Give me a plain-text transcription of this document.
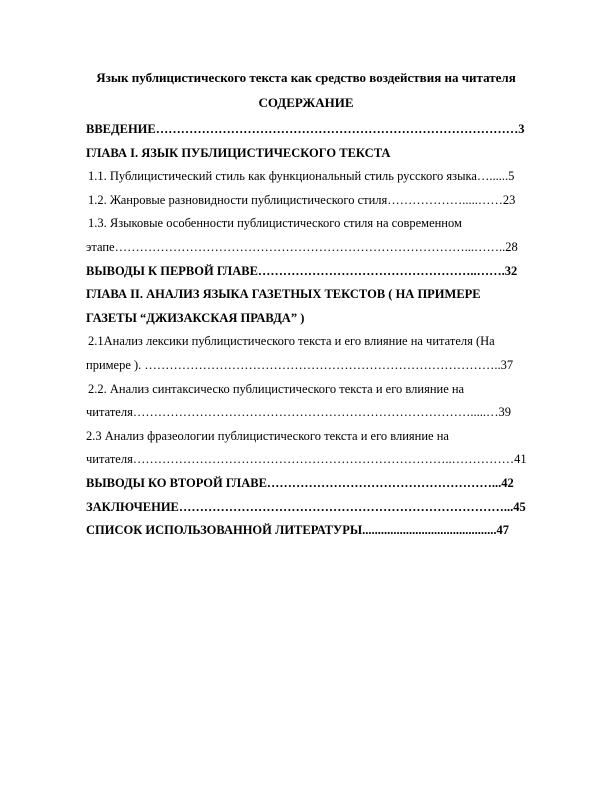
Язык публицистического текста как средство воздействия на читателя
СОДЕРЖАНИЕ
ВВЕДЕНИЕ……………………………………………………………………………3
ГЛАВА I. ЯЗЫК ПУБЛИЦИСТИЧЕСКОГО ТЕКСТА
1.1. Публицистический стиль как функциональный стиль русского языка…......5
1.2. Жанровые разновидности публицистического стиля……………….....……23
1.3. Языковые особенности публицистического стиля на современном
этапе…………………………………………………………………………...……..28
ВЫВОДЫ К ПЕРВОЙ ГЛАВЕ……………………………………………..…….32
ГЛАВА II. АНАЛИЗ ЯЗЫКА ГАЗЕТНЫХ ТЕКСТОВ ( НА ПРИМЕРЕ
ГАЗЕТЫ “ДЖИЗАКСКАЯ ПРАВДА” )
2.1Анализ лексики публицистического текста и его влияние на читателя (На
примере ). …………………………………………………………………………..37
2.2. Анализ синтаксическо публицистического текста и его влияние на
читателя……………………………………………………………………….....…39
2.3 Анализ фразеологии публицистического текста и его влияние на
читателя…………………………………………………………………..……………41
ВЫВОДЫ КО ВТОРОЙ ГЛАВЕ………………………………………………...42
ЗАКЛЮЧЕНИЕ……………………………………………………………………...45
СПИСОК ИСПОЛЬЗОВАННОЙ ЛИТЕРАТУРЫ...........................................47
